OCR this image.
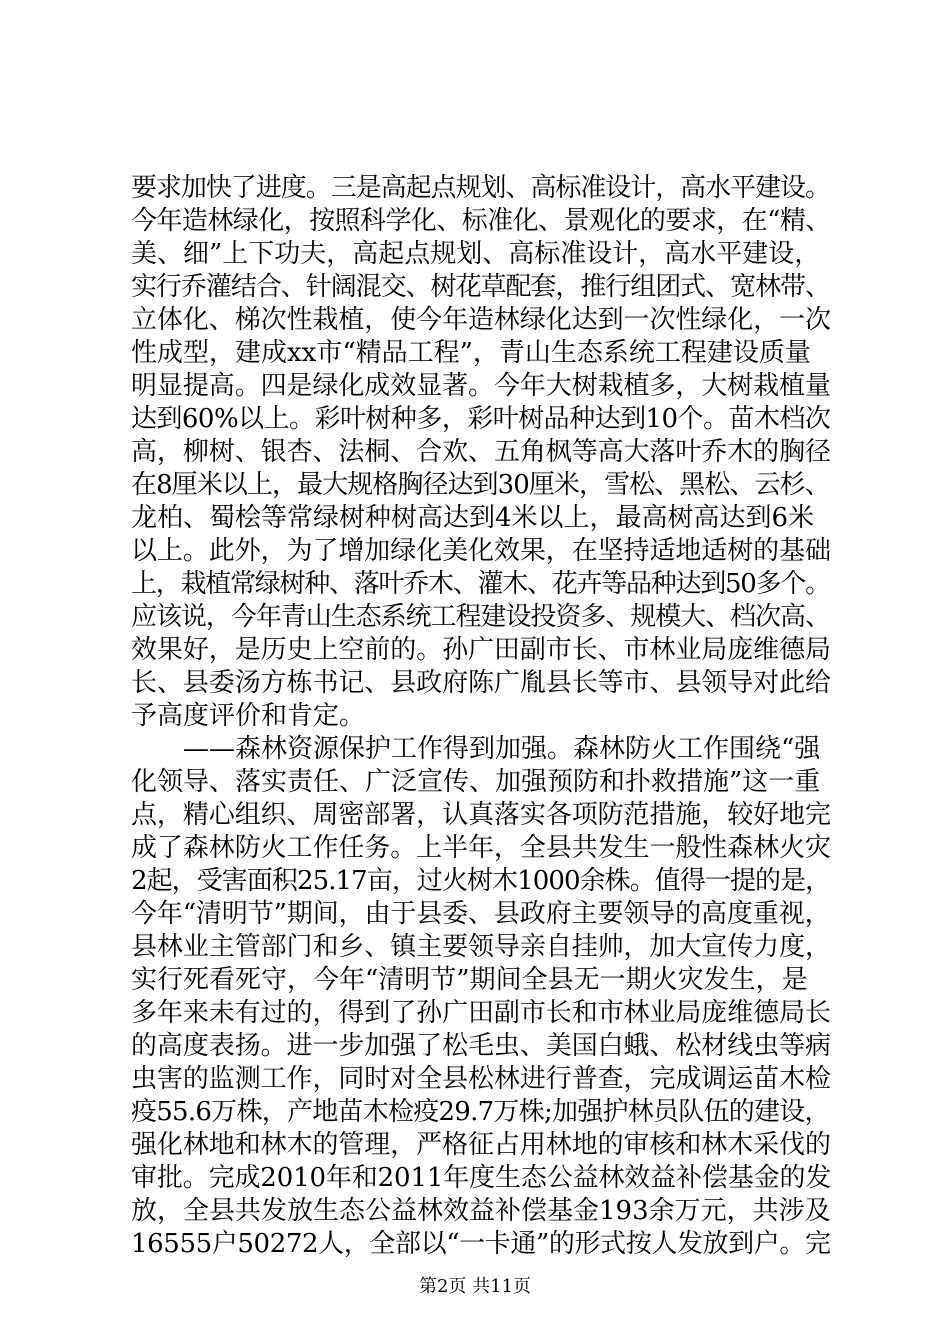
要求加快了进度。三是高起点规划、高标准设计，高水平建设。
今年造林绿化，按照科学化、标准化、景观化的要求，在“精、
美、细”上下功夫，高起点规划、高标准设计，高水平建设，
实行乔灌结合、针阔混交、树花草配套，推行组团式、宽林带、
立体化、梯次性栽植，使今年造林绿化达到一次性绿化，一次
性成型，建成xx市“精品工程”，青山生态系统工程建设质量
明显提高。四是绿化成效显著。今年大树栽植多，大树栽植量
达到60%以上。彩叶树种多，彩叶树品种达到10个。苗木档次
高，柳树、银杏、法桐、合欢、五角枫等高大落叶乔木的胸径
在8厘米以上，最大规格胸径达到30厘米，雪松、黑松、云杉、
龙柏、蜀桧等常绿树种树高达到4米以上，最高树高达到6米
以上。此外，为了增加绿化美化效果，在坚持适地适树的基础
上，栽植常绿树种、落叶乔木、灌木、花卉等品种达到50多个。
应该说，今年青山生态系统工程建设投资多、规模大、档次高、
效果好，是历史上空前的。孙广田副市长、市林业局庞维德局
长、县委汤方栋书记、县政府陈广胤县长等市、县领导对此给
予高度评价和肯定。
　　——森林资源保护工作得到加强。森林防火工作围绕“强
化领导、落实责任、广泛宣传、加强预防和扑救措施”这一重
点，精心组织、周密部署，认真落实各项防范措施，较好地完
成了森林防火工作任务。上半年，全县共发生一般性森林火灾
2起，受害面积25.17亩，过火树木1000余株。值得一提的是，
今年“清明节”期间，由于县委、县政府主要领导的高度重视，
县林业主管部门和乡、镇主要领导亲自挂帅，加大宣传力度，
实行死看死守，今年“清明节”期间全县无一期火灾发生，是
多年来未有过的，得到了孙广田副市长和市林业局庞维德局长
的高度表扬。进一步加强了松毛虫、美国白蛾、松材线虫等病
虫害的监测工作，同时对全县松林进行普查，完成调运苗木检
疫55.6万株，产地苗木检疫29.7万株;加强护林员队伍的建设，
强化林地和林木的管理，严格征占用林地的审核和林木采伐的
审批。完成2010年和2011年度生态公益林效益补偿基金的发
放，全县共发放生态公益林效益补偿基金193余万元，共涉及
16555户50272人，全部以“一卡通”的形式按人发放到户。完
第2页 共11页
